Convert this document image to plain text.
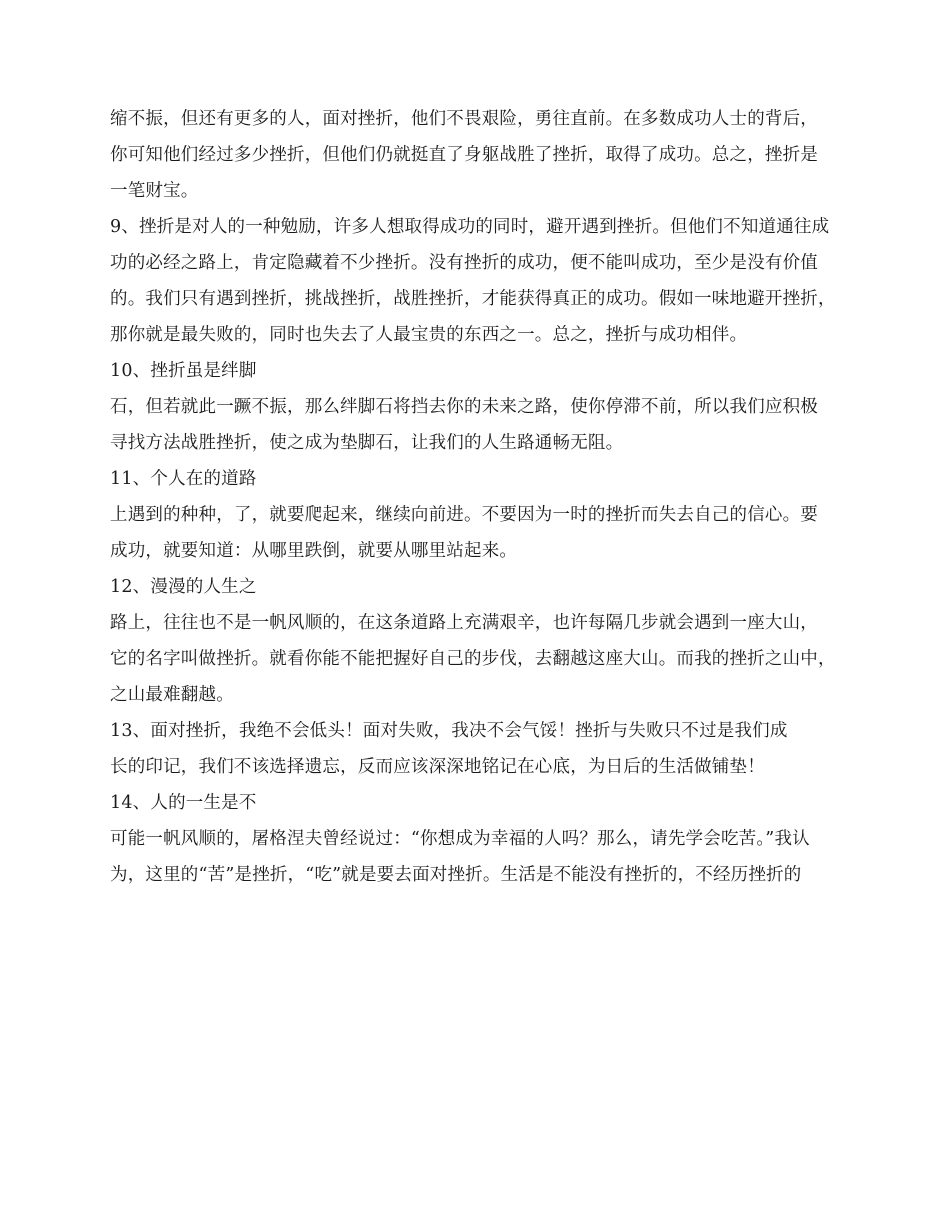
缩不振，但还有更多的人，面对挫折，他们不畏艰险，勇往直前。在多数成功人士的背后，

你可知他们经过多少挫折，但他们仍就挺直了身躯战胜了挫折，取得了成功。总之，挫折是

一笔财宝。

9、挫折是对人的一种勉励，许多人想取得成功的同时，避开遇到挫折。但他们不知道通往成

功的必经之路上，肯定隐藏着不少挫折。没有挫折的成功，便不能叫成功，至少是没有价值

的。我们只有遇到挫折，挑战挫折，战胜挫折，才能获得真正的成功。假如一味地避开挫折，

那你就是最失败的，同时也失去了人最宝贵的东西之一。总之，挫折与成功相伴。

10、挫折虽是绊脚

石，但若就此一蹶不振，那么绊脚石将挡去你的未来之路，使你停滞不前，所以我们应积极

寻找方法战胜挫折，使之成为垫脚石，让我们的人生路通畅无阻。

11、个人在的道路

上遇到的种种，了，就要爬起来，继续向前进。不要因为一时的挫折而失去自己的信心。要

成功，就要知道：从哪里跌倒，就要从哪里站起来。

12、漫漫的人生之

路上，往往也不是一帆风顺的，在这条道路上充满艰辛，也许每隔几步就会遇到一座大山，

它的名字叫做挫折。就看你能不能把握好自己的步伐，去翻越这座大山。而我的挫折之山中，

之山最难翻越。

13、面对挫折，我绝不会低头！面对失败，我决不会气馁！挫折与失败只不过是我们成

长的印记，我们不该选择遗忘，反而应该深深地铭记在心底，为日后的生活做铺垫！

14、人的一生是不

可能一帆风顺的，屠格涅夫曾经说过：“你想成为幸福的人吗？那么，请先学会吃苦。”我认

为，这里的“苦”是挫折，“吃”就是要去面对挫折。生活是不能没有挫折的，不经历挫折的
